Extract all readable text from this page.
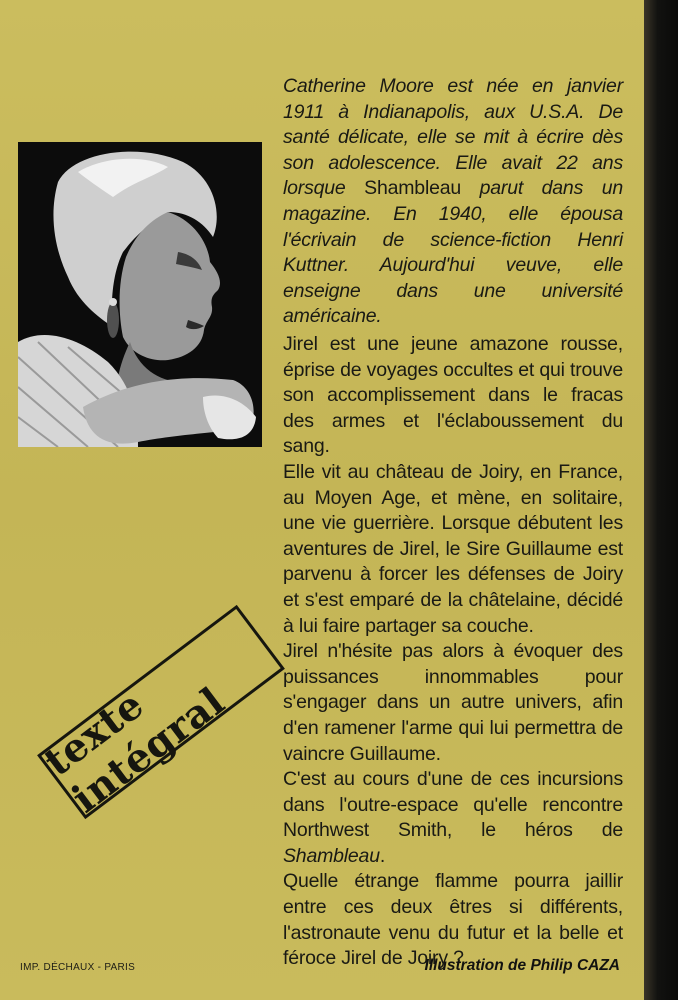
Catherine Moore est née en janvier 1911 à Indianapolis, aux U.S.A. De santé délicate, elle se mit à écrire dès son adolescence. Elle avait 22 ans lorsque Shambleau parut dans un magazine. En 1940, elle épousa l'écrivain de science-fiction Henri Kuttner. Aujourd'hui veuve, elle enseigne dans une université américaine.

Jirel est une jeune amazone rousse, éprise de voyages occultes et qui trouve son accomplissement dans le fracas des armes et l'éclaboussement du sang.

Elle vit au château de Joiry, en France, au Moyen Age, et mène, en solitaire, une vie guerrière. Lorsque débutent les aventures de Jirel, le Sire Guillaume est parvenu à forcer les défenses de Joiry et s'est emparé de la châtelaine, décidé à lui faire partager sa couche.

Jirel n'hésite pas alors à évoquer des puissances innommables pour s'engager dans un autre univers, afin d'en ramener l'arme qui lui permettra de vaincre Guillaume.

C'est au cours d'une de ces incursions dans l'outre-espace qu'elle rencontre Northwest Smith, le héros de Shambleau.

Quelle étrange flamme pourra jaillir entre ces deux êtres si différents, l'astronaute venu du futur et la belle et féroce Jirel de Joiry ?

texte intégral
IMP. DÉCHAUX - PARIS	Illustration de Philip CAZA
